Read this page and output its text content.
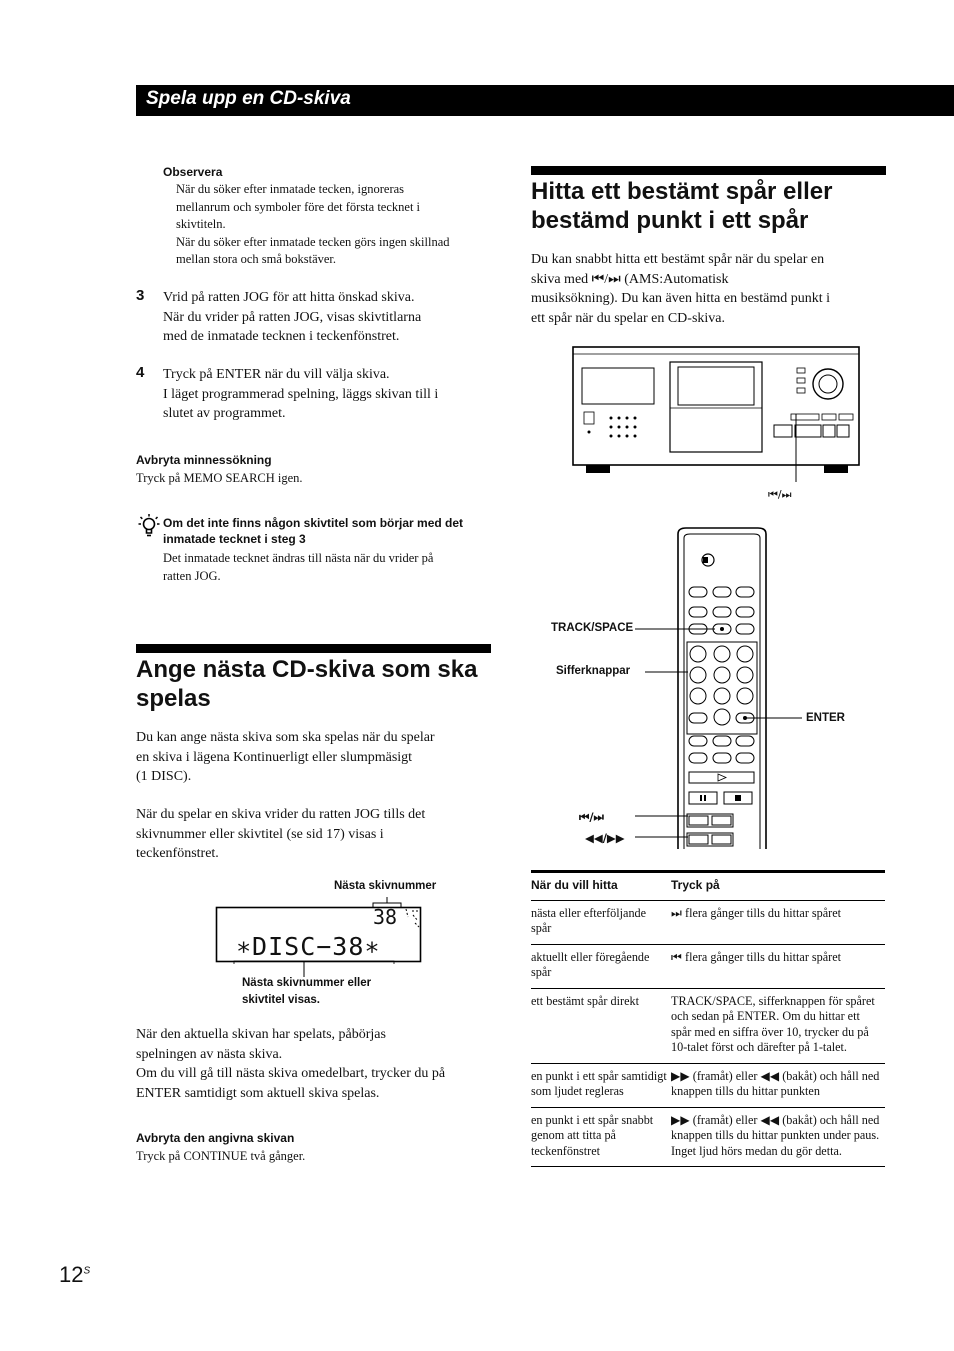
Spela upp en CD-skiva
Observera
När du söker efter inmatade tecken, ignoreras
mellanrum och symboler före det första tecknet i
skivtiteln.
När du söker efter inmatade tecken görs ingen skillnad
mellan stora och små bokstäver.
3 Vrid på ratten JOG för att hitta önskad skiva.
När du vrider på ratten JOG, visas skivtitlarna
med de inmatade tecknen i teckenfönstret.
4 Tryck på ENTER när du vill välja skiva.
I läget programmerad spelning, läggs skivan till i
slutet av programmet.
Avbryta minnessökning
Tryck på MEMO SEARCH igen.
Om det inte finns någon skivtitel som börjar med det
inmatade tecknet i steg 3
Det inmatade tecknet ändras till nästa när du vrider på
ratten JOG.
Ange nästa CD-skiva som ska
spelas
Du kan ange nästa skiva som ska spelas när du spelar
en skiva i lägena Kontinuerligt eller slumpmäsigt
(1 DISC).
När du spelar en skiva vrider du ratten JOG tills det
skivnummer eller skivtitel (se sid 17) visas i
teckenfönstret.
Nästa skivnummer
38
∗DISC−38∗
Nästa skivnummer eller
skivtitel visas.
När den aktuella skivan har spelats, påbörjas
spelningen av nästa skiva.
Om du vill gå till nästa skiva omedelbart, trycker du på
ENTER samtidigt som aktuell skiva spelas.
Avbryta den angivna skivan
Tryck på CONTINUE två gånger.
Hitta ett bestämt spår eller
bestämd punkt i ett spår
Du kan snabbt hitta ett bestämt spår när du spelar en
skiva med ⏮/⏭ (AMS:Automatisk
musiksökning). Du kan även hitta en bestämd punkt i
ett spår när du spelar en CD-skiva.
⏮/⏭
TRACK/SPACE
Sifferknappar
ENTER
⏮/⏭
◀◀/▶▶
När du vill hitta	Tryck på
nästa eller efterföljande spår	⏭ flera gånger tills du hittar spåret
aktuellt eller föregående spår	⏮ flera gånger tills du hittar spåret
ett bestämt spår direkt	TRACK/SPACE, sifferknappen för spåret och sedan på ENTER. Om du hittar ett spår med en siffra över 10, trycker du på 10-talet först och därefter på 1-talet.
en punkt i ett spår samtidigt som ljudet regleras	▶▶ (framåt) eller ◀◀ (bakåt) och håll ned knappen tills du hittar punkten
en punkt i ett spår snabbt genom att titta på teckenfönstret	▶▶ (framåt) eller ◀◀ (bakåt) och håll ned knappen tills du hittar punkten under paus. Inget ljud hörs medan du gör detta.
$12^S$
